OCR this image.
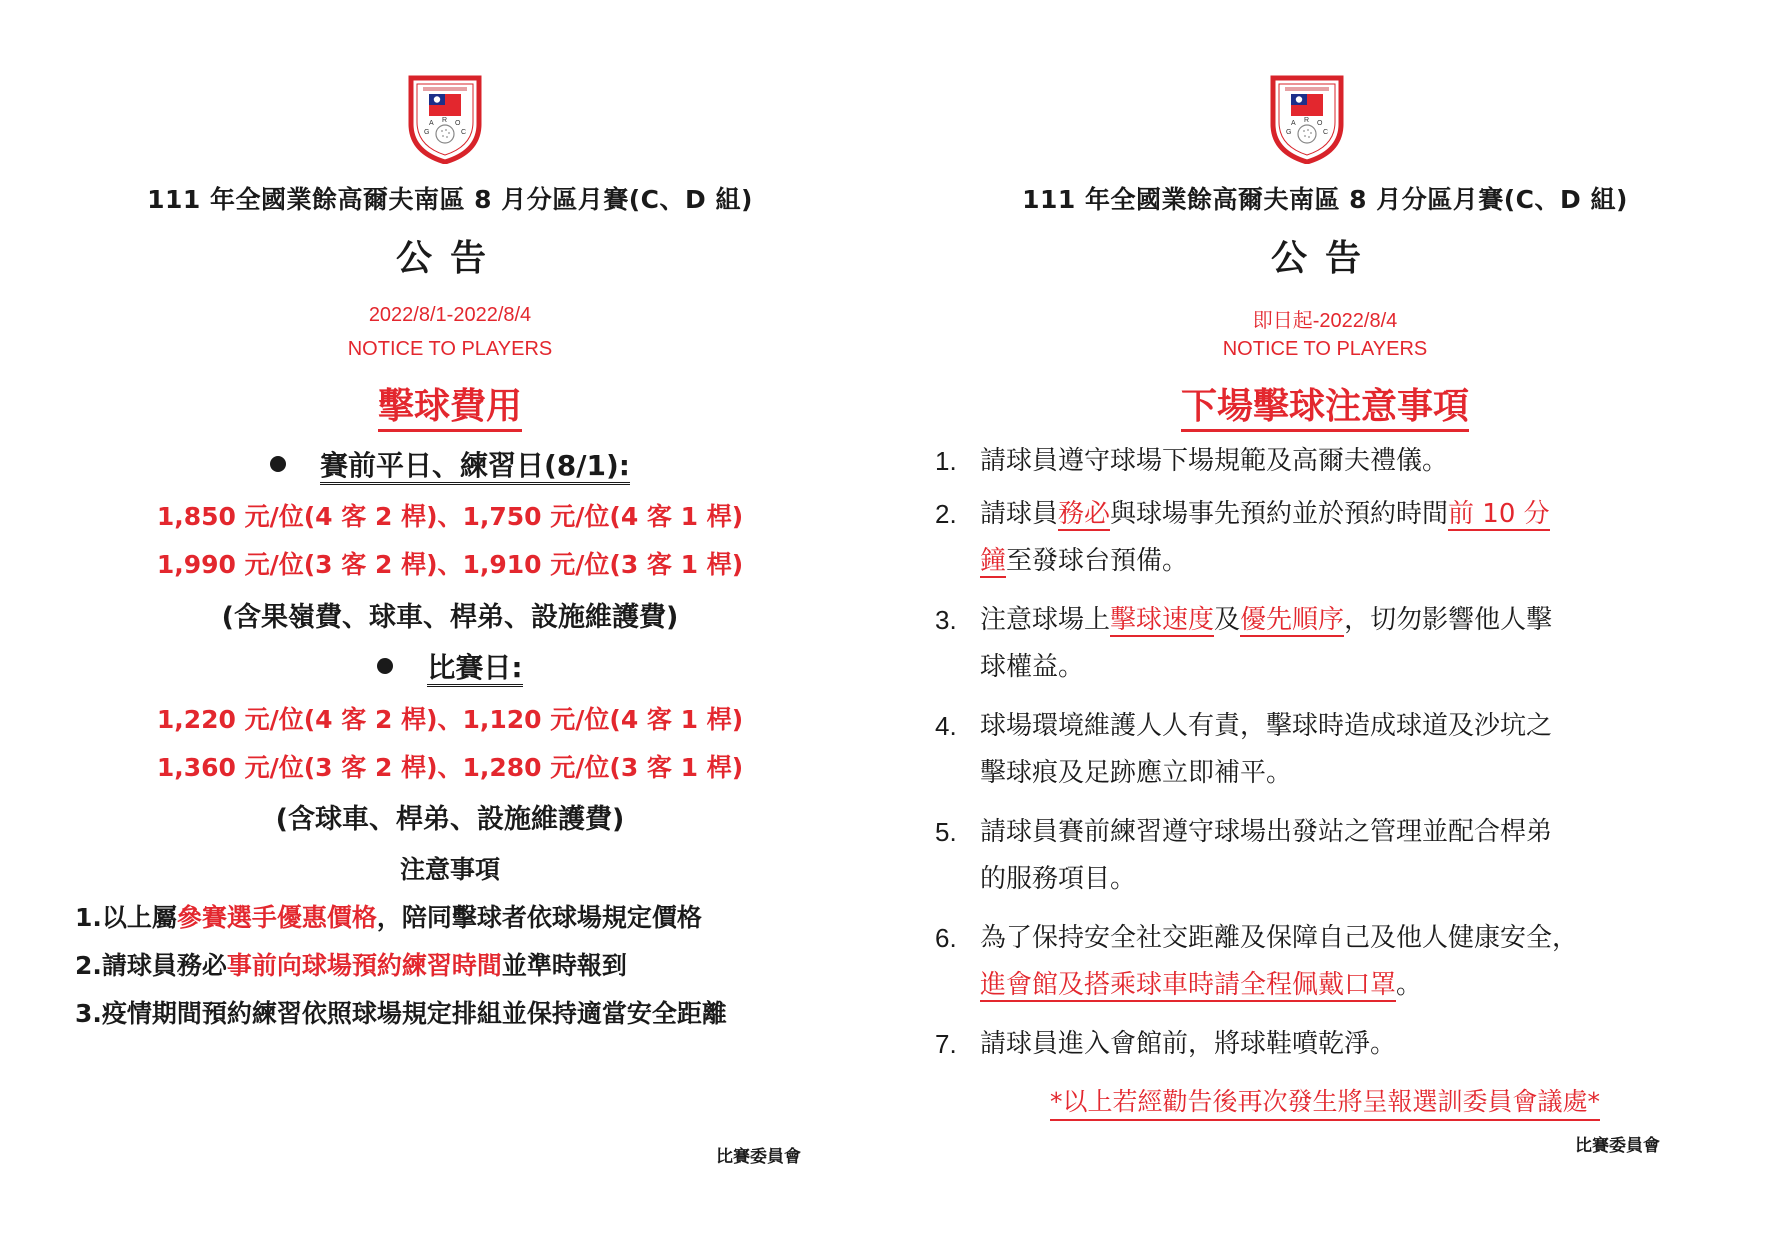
111 年全國業餘高爾夫南區 8 月分區月賽(C、D 組)
公告
2022/8/1-2022/8/4
NOTICE TO PLAYERS
擊球費用
賽前平日、練習日(8/1):
1,850 元/位(4 客 2 桿)、1,750 元/位(4 客 1 桿)
1,990 元/位(3 客 2 桿)、1,910 元/位(3 客 1 桿)
(含果嶺費、球車、桿弟、設施維護費)
比賽日:
1,220 元/位(4 客 2 桿)、1,120 元/位(4 客 1 桿)
1,360 元/位(3 客 2 桿)、1,280 元/位(3 客 1 桿)
(含球車、桿弟、設施維護費)
注意事項
1.以上屬參賽選手優惠價格，陪同擊球者依球場規定價格
2.請球員務必事前向球場預約練習時間並準時報到
3.疫情期間預約練習依照球場規定排組並保持適當安全距離
比賽委員會
111 年全國業餘高爾夫南區 8 月分區月賽(C、D 組)
公告
即日起-2022/8/4
NOTICE TO PLAYERS
下場擊球注意事項
1. 請球員遵守球場下場規範及高爾夫禮儀。
2. 請球員務必與球場事先預約並於預約時間前 10 分
鐘至發球台預備。
3. 注意球場上擊球速度及優先順序，切勿影響他人擊
球權益。
4. 球場環境維護人人有責，擊球時造成球道及沙坑之
擊球痕及足跡應立即補平。
5. 請球員賽前練習遵守球場出發站之管理並配合桿弟
的服務項目。
6. 為了保持安全社交距離及保障自己及他人健康安全，
進會館及搭乘球車時請全程佩戴口罩。
7. 請球員進入會館前，將球鞋噴乾淨。
*以上若經勸告後再次發生將呈報選訓委員會議處*
比賽委員會
